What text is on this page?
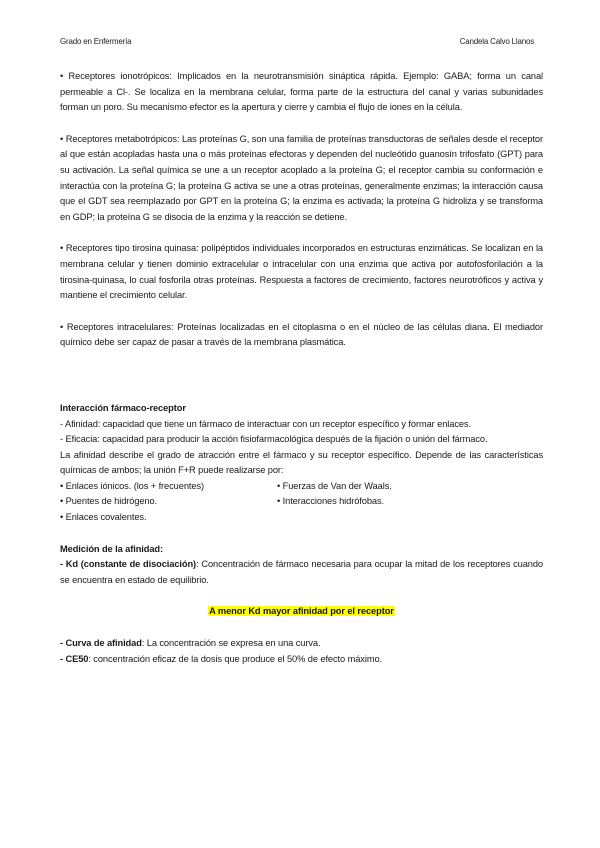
Grado en Enfermería	Candela Calvo Llanos

• Receptores ionotrópicos: Implicados en la neurotransmisión sináptica rápida. Ejemplo: GABA; forma un canal permeable a Cl-. Se localiza en la membrana celular, forma parte de la estructura del canal y varias subunidades forman un poro. Su mecanismo efector es la apertura y cierre y cambia el flujo de iones en la célula.

• Receptores metabotrópicos: Las proteínas G, son una familia de proteínas transductoras de señales desde el receptor al que están acopladas hasta una o más proteínas efectoras y dependen del nucleótido guanosín trifosfato (GPT) para su activación. La señal química se une a un receptor acoplado a la proteína G; el receptor cambia su conformación e interactúa con la proteína G; la proteína G activa se une a otras proteínas, generalmente enzimas; la interacción causa que el GDT sea reemplazado por GPT en la proteína G; la enzima es activada; la proteína G hidroliza y se transforma en GDP; la proteína G se disocia de la enzima y la reacción se detiene.

• Receptores tipo tirosina quinasa: polipéptidos individuales incorporados en estructuras enzimáticas. Se localizan en la membrana celular y tienen dominio extracelular o intracelular con una enzima que activa por autofosforilación a la tirosina-quinasa, lo cual fosforila otras proteínas. Respuesta a factores de crecimiento, factores neurotróficos y activa y mantiene el crecimiento celular.

• Receptores intracelulares: Proteínas localizadas en el citoplasma o en el núcleo de las células diana. El mediador químico debe ser capaz de pasar a través de la membrana plasmática.

Interacción fármaco-receptor

- Afinidad: capacidad que tiene un fármaco de interactuar con un receptor específico y formar enlaces.

- Eficacia: capacidad para producir la acción fisiofarmacológica después de la fijación o unión del fármaco.

La afinidad describe el grado de atracción entre el fármaco y su receptor específico. Depende de las características químicas de ambos; la unión F+R puede realizarse por:

• Enlaces iónicos. (los + frecuentes)
• Puentes de hidrógeno.
• Enlaces covalentes.
• Fuerzas de Van der Waals.
• Interacciones hidrófobas.

Medición de la afinidad:

- Kd (constante de disociación): Concentración de fármaco necesaria para ocupar la mitad de los receptores cuando se encuentra en estado de equilibrio.

A menor Kd mayor afinidad por el receptor

- Curva de afinidad: La concentración se expresa en una curva.

- CE50: concentración eficaz de la dosis que produce el 50% de efecto máximo.
